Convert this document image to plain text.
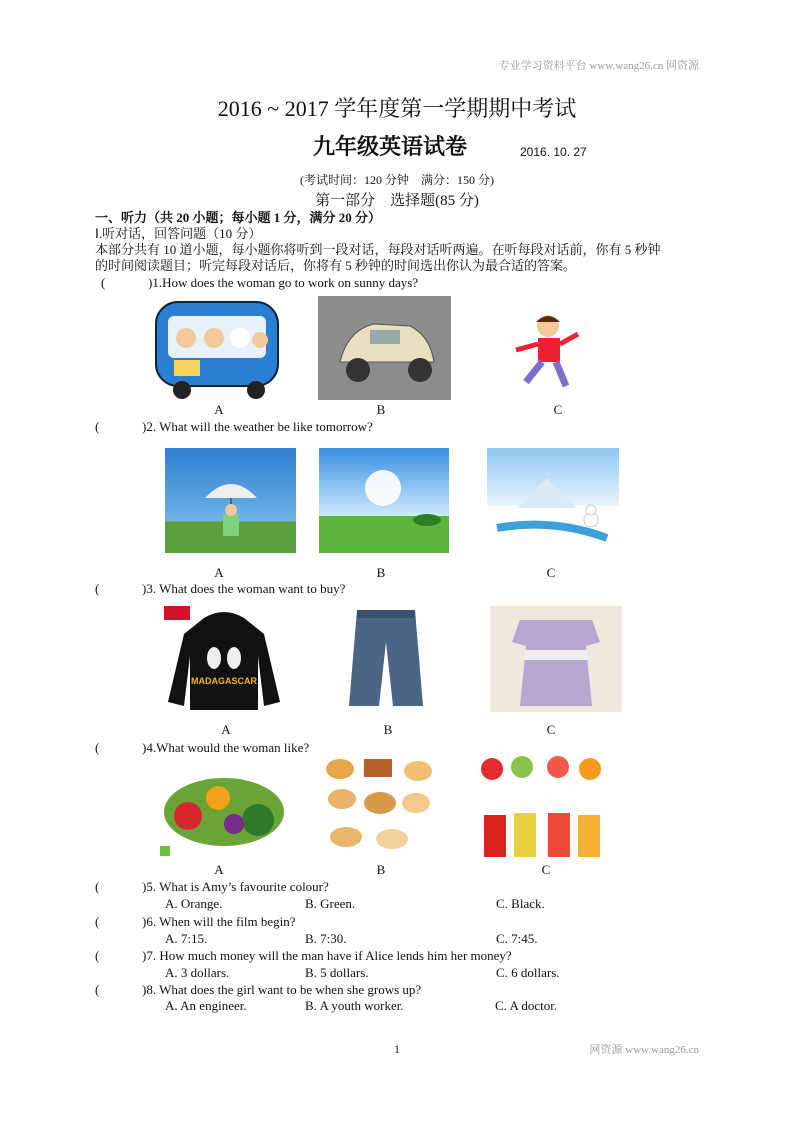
专业学习资料平台 www.wang26.cn 网资源
2016 ~ 2017 学年度第一学期期中考试
九年级英语试卷	2016. 10. 27
(考试时间：120 分钟　满分：150 分)
第一部分　选择题(85 分)
一、听力（共 20 小题；每小题 1 分，满分 20 分）
Ⅰ.听对话，回答问题（10 分）
本部分共有 10 道小题，每小题你将听到一段对话，每段对话听两遍。在听每段对话前，你有 5 秒钟
的时间阅读题目；听完每段对话后，你将有 5 秒钟的时间选出你认为最合适的答案。
(	)1.How does the woman go to work on sunny days?
A	B	C
(	)2. What will the weather be like tomorrow?
A	B	C
(	)3. What does the woman want to buy?
MADAGASCAR
A	B	C
(	)4.What would the woman like?
A	B	C
(	)5. What is Amy’s favourite colour?
A. Orange.	B. Green.	C. Black.
(	)6. When will the film begin?
A. 7:15.	B. 7:30.	C. 7:45.
(	)7. How much money will the man have if Alice lends him her money?
A. 3 dollars.	B. 5 dollars.	C. 6 dollars.
(	)8. What does the girl want to be when she grows up?
A. An engineer.	B. A youth worker.	C. A doctor.
1	网资源 www.wang26.cn
